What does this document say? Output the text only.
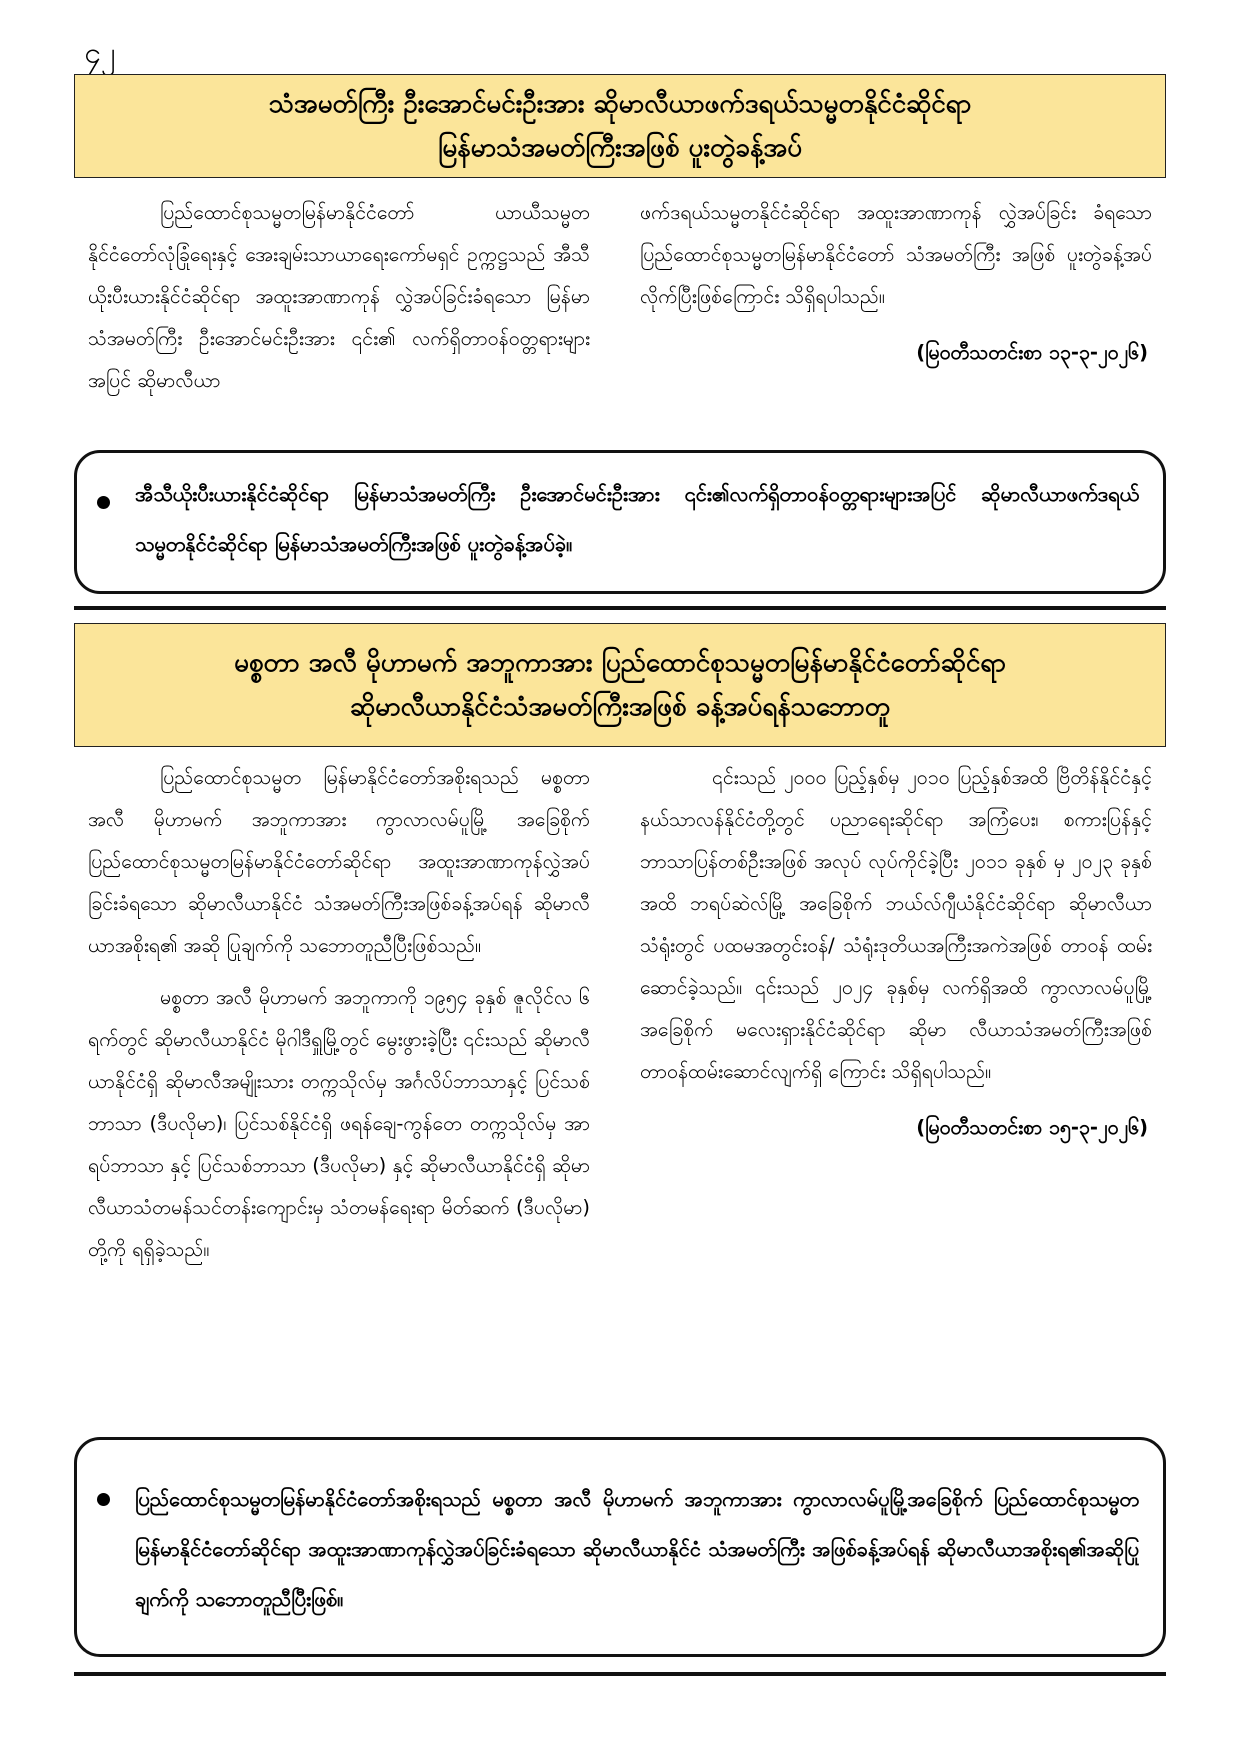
၄၂
သံအမတ်ကြီး ဦးအောင်မင်းဦးအား ဆိုမာလီယာဖက်ဒရယ်သမ္မတနိုင်ငံဆိုင်ရာ
မြန်မာသံအမတ်ကြီးအဖြစ် ပူးတွဲခန့်အပ်

ပြည်ထောင်စုသမ္မတမြန်မာနိုင်ငံတော် ယာယီသမ္မတ နိုင်ငံတော်လုံခြုံရေးနှင့် အေးချမ်းသာယာရေးကော်မရှင် ဥက္ကဋ္ဌသည် အီသီယိုးပီးယားနိုင်ငံဆိုင်ရာ အထူးအာဏာကုန် လွှဲအပ်ခြင်းခံရသော မြန်မာသံအမတ်ကြီး ဦးအောင်မင်းဦးအား ၎င်း၏ လက်ရှိတာဝန်ဝတ္တရားများအပြင် ဆိုမာလီယာ

ဖက်ဒရယ်သမ္မတနိုင်ငံဆိုင်ရာ အထူးအာဏာကုန် လွှဲအပ်ခြင်း ခံရသော ပြည်ထောင်စုသမ္မတမြန်မာနိုင်ငံတော် သံအမတ်ကြီး အဖြစ် ပူးတွဲခန့်အပ်လိုက်ပြီးဖြစ်ကြောင်း သိရှိရပါသည်။

(မြဝတီသတင်းစာ ၁၃-၃-၂၀၂၆)

အီသီယိုးပီးယားနိုင်ငံဆိုင်ရာ မြန်မာသံအမတ်ကြီး ဦးအောင်မင်းဦးအား ၎င်း၏လက်ရှိတာဝန်ဝတ္တရားများအပြင် ဆိုမာလီယာဖက်ဒရယ်သမ္မတနိုင်ငံဆိုင်ရာ မြန်မာသံအမတ်ကြီးအဖြစ် ပူးတွဲခန့်အပ်ခဲ့။
မစ္စတာ အလီ မိုဟာမက် အဘူကာအား ပြည်ထောင်စုသမ္မတမြန်မာနိုင်ငံတော်ဆိုင်ရာ
ဆိုမာလီယာနိုင်ငံသံအမတ်ကြီးအဖြစ် ခန့်အပ်ရန်သဘောတူ

ပြည်ထောင်စုသမ္မတ မြန်မာနိုင်ငံတော်အစိုးရသည် မစ္စတာ အလီ မိုဟာမက် အဘူကာအား ကွာလာလမ်ပူမြို့ အခြေစိုက် ပြည်ထောင်စုသမ္မတမြန်မာနိုင်ငံတော်ဆိုင်ရာ အထူးအာဏာကုန်လွှဲအပ်ခြင်းခံရသော ဆိုမာလီယာနိုင်ငံ သံအမတ်ကြီးအဖြစ်ခန့်အပ်ရန် ဆိုမာလီယာအစိုးရ၏ အဆို ပြုချက်ကို သဘောတူညီပြီးဖြစ်သည်။

မစ္စတာ အလီ မိုဟာမက် အဘူကာကို ၁၉၅၄ ခုနှစ် ဇူလိုင်လ ၆ ရက်တွင် ဆိုမာလီယာနိုင်ငံ မိုဂါဒီရှူမြို့တွင် မွေးဖွားခဲ့ပြီး ၎င်းသည် ဆိုမာလီယာနိုင်ငံရှိ ဆိုမာလီအမျိုးသား တက္ကသိုလ်မှ အင်္ဂလိပ်ဘာသာနှင့် ပြင်သစ်ဘာသာ (ဒီပလိုမာ)၊ ပြင်သစ်နိုင်ငံရှိ ဖရန်ချေ-ကွန်တေ တက္ကသိုလ်မှ အာရပ်ဘာသာ နှင့် ပြင်သစ်ဘာသာ (ဒီပလိုမာ) နှင့် ဆိုမာလီယာနိုင်ငံရှိ ဆိုမာလီယာသံတမန်သင်တန်းကျောင်းမှ သံတမန်ရေးရာ မိတ်ဆက် (ဒီပလိုမာ) တို့ကို ရရှိခဲ့သည်။

၎င်းသည် ၂၀၀၀ ပြည့်နှစ်မှ ၂၀၁၀ ပြည့်နှစ်အထိ ဗြိတိန်နိုင်ငံနှင့် နယ်သာလန်နိုင်ငံတို့တွင် ပညာရေးဆိုင်ရာ အကြံပေး၊ စကားပြန်နှင့် ဘာသာပြန်တစ်ဦးအဖြစ် အလုပ် လုပ်ကိုင်ခဲ့ပြီး ၂၀၁၁ ခုနှစ် မှ ၂၀၂၃ ခုနှစ်အထိ ဘရပ်ဆဲလ်မြို့ အခြေစိုက် ဘယ်လ်ဂျီယံနိုင်ငံဆိုင်ရာ ဆိုမာလီယာသံရုံးတွင် ပထမအတွင်းဝန်/ သံရုံးဒုတိယအကြီးအကဲအဖြစ် တာဝန် ထမ်းဆောင်ခဲ့သည်။ ၎င်းသည် ၂၀၂၄ ခုနှစ်မှ လက်ရှိအထိ ကွာလာလမ်ပူမြို့အခြေစိုက် မလေးရှားနိုင်ငံဆိုင်ရာ ဆိုမာ လီယာသံအမတ်ကြီးအဖြစ် တာဝန်ထမ်းဆောင်လျက်ရှိ ကြောင်း သိရှိရပါသည်။

(မြဝတီသတင်းစာ ၁၅-၃-၂၀၂၆)

ပြည်ထောင်စုသမ္မတမြန်မာနိုင်ငံတော်အစိုးရသည် မစ္စတာ အလီ မိုဟာမက် အဘူကာအား ကွာလာလမ်ပူမြို့အခြေစိုက် ပြည်ထောင်စုသမ္မတမြန်မာနိုင်ငံတော်ဆိုင်ရာ အထူးအာဏာကုန်လွှဲအပ်ခြင်းခံရသော ဆိုမာလီယာနိုင်ငံ သံအမတ်ကြီး အဖြစ်ခန့်အပ်ရန် ဆိုမာလီယာအစိုးရ၏အဆိုပြုချက်ကို သဘောတူညီပြီးဖြစ်။
